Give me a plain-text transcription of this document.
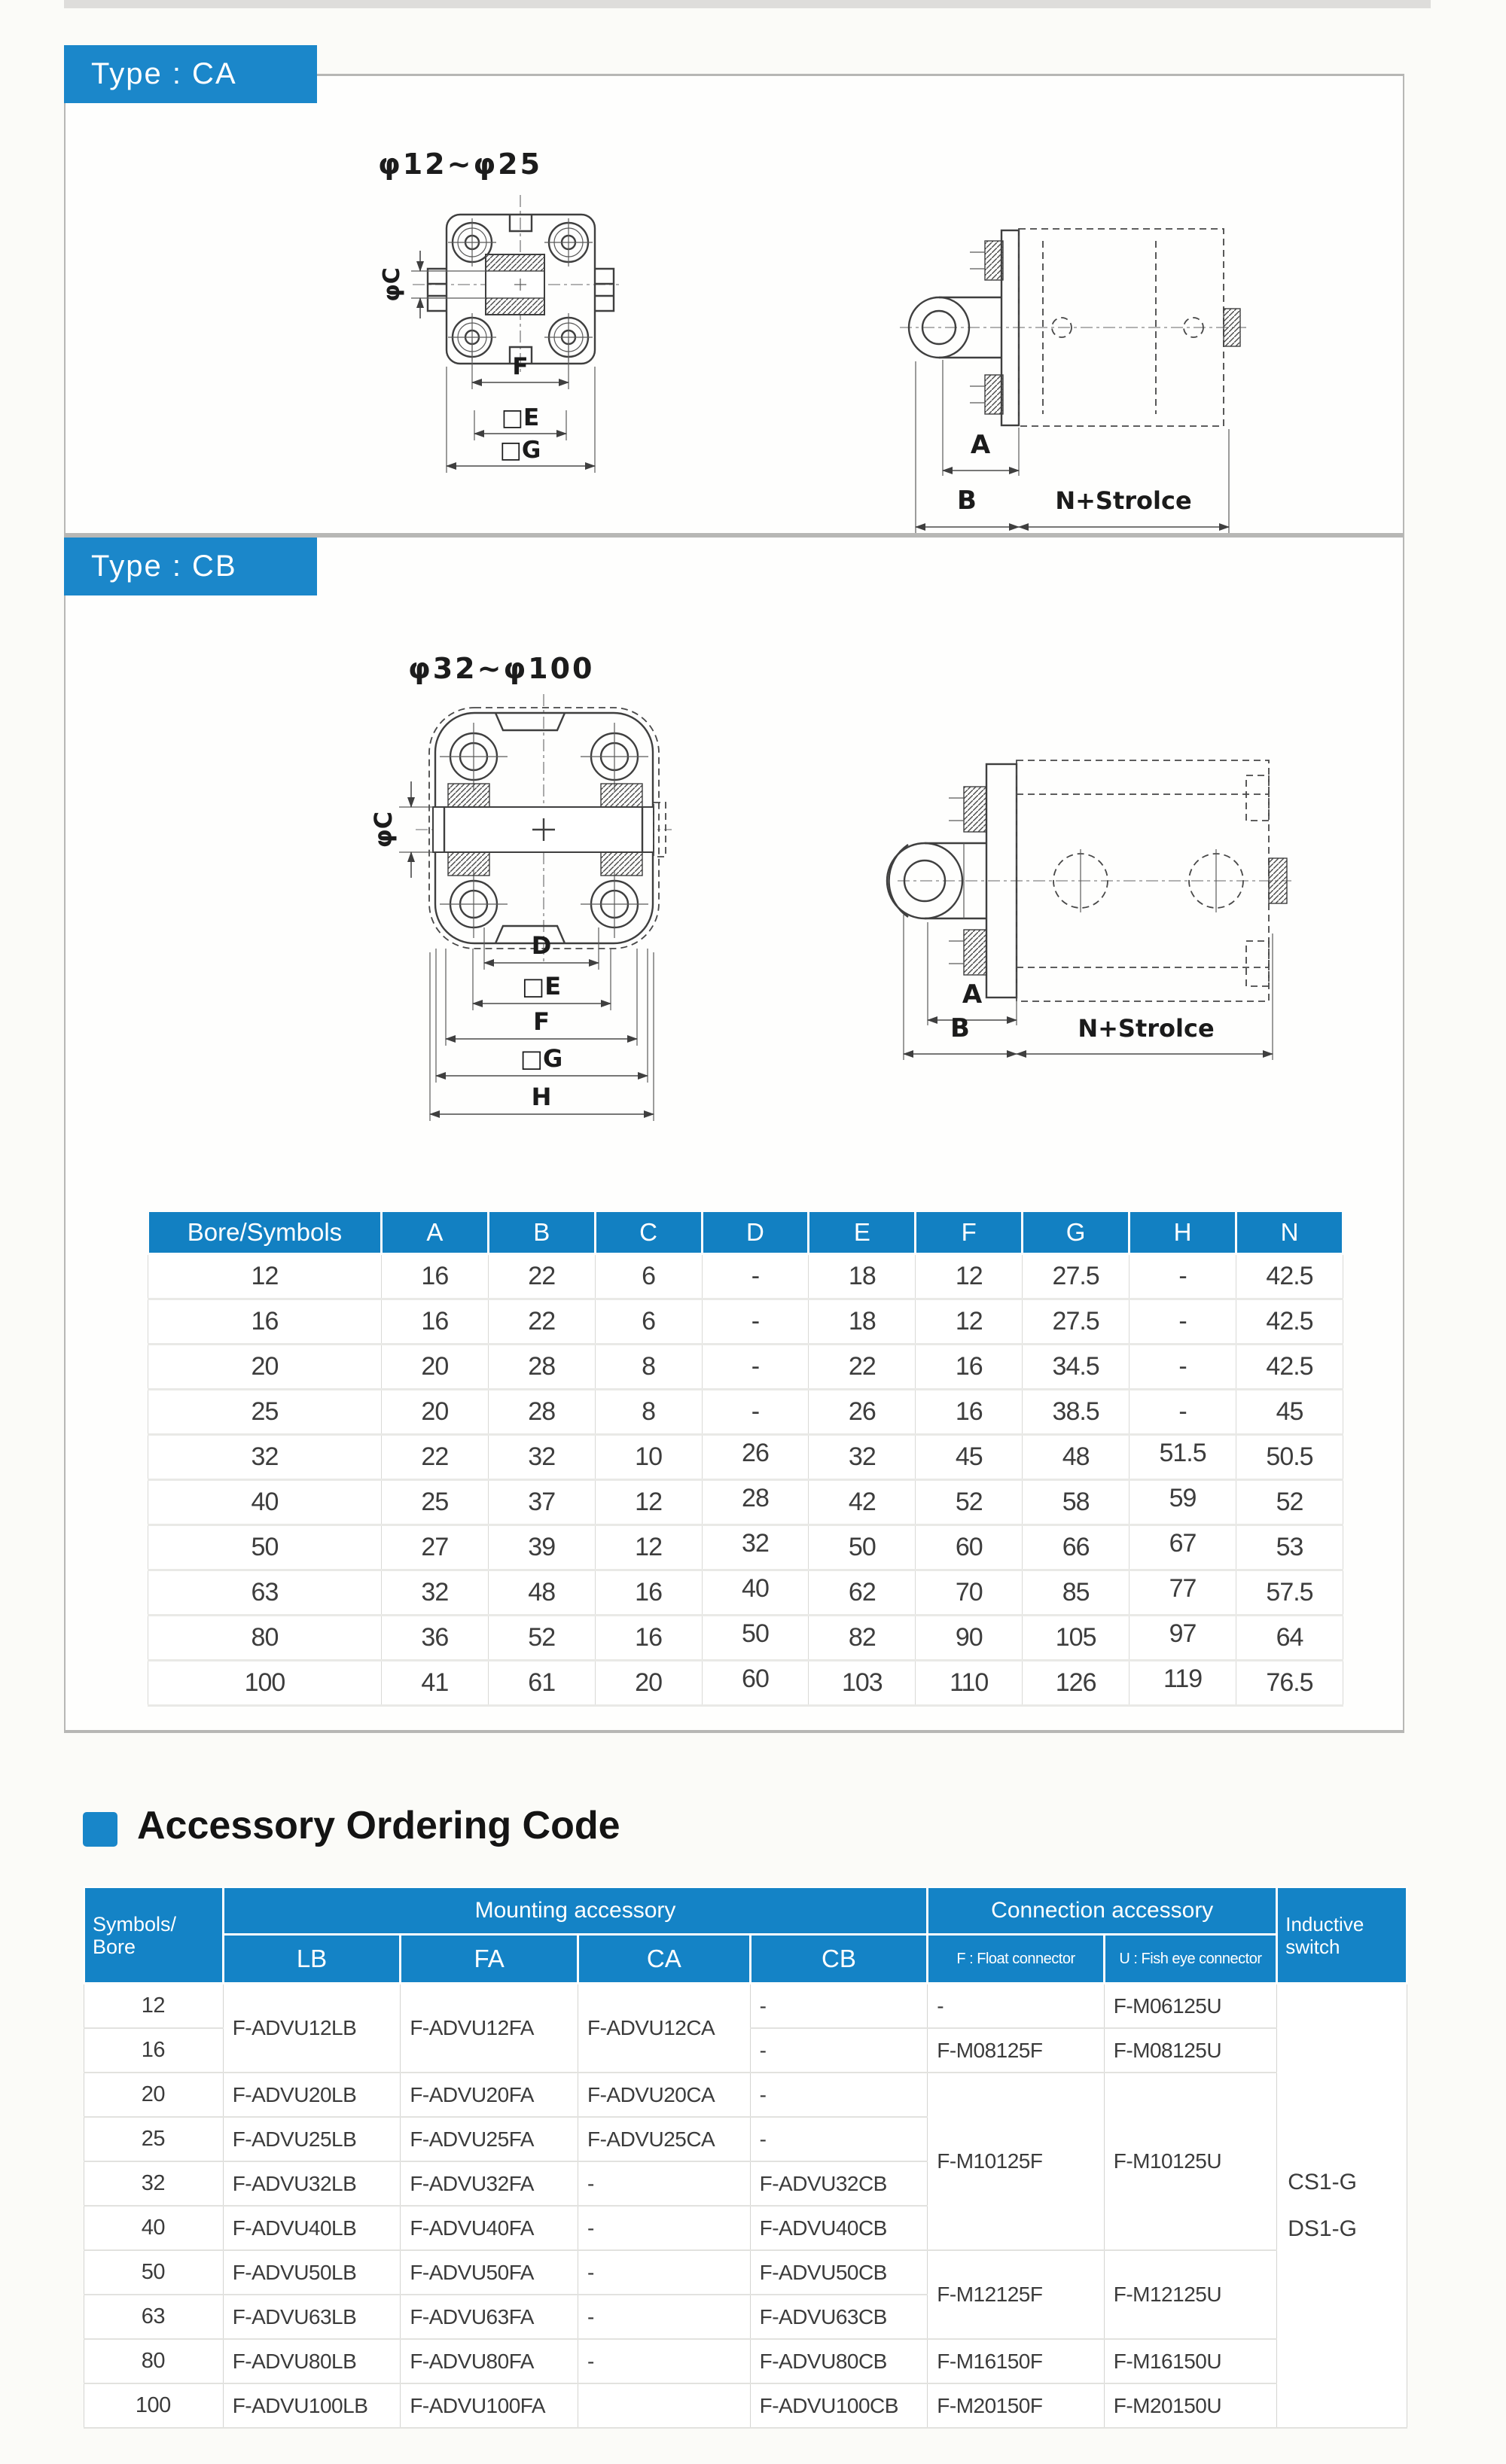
Type : CA
φ12~φ25
φC
F
□E
□G	A
B	N+Strolce
Type : CB
φ32~φ100
φC
D
□E
F
□G
H
A
B	N+Strolce
Bore/Symbols	A	B	C	D	E	F	G	H	N
12	16	22	6	-	18	12	27.5	-	42.5
16	16	22	6	-	18	12	27.5	-	42.5
20	20	28	8	-	22	16	34.5	-	42.5
25	20	28	8	-	26	16	38.5	-	45
32	22	32	10	26	32	45	48	51.5	50.5
40	25	37	12	28	42	52	58	59	52
50	27	39	12	32	50	60	66	67	53
63	32	48	16	40	62	70	85	77	57.5
80	36	52	16	50	82	90	105	97	64
100	41	61	20	60	103	110	126	119	76.5
Accessory Ordering Code
Symbols/
Bore	Mounting accessory				Connection accessory		Inductive
switch
	LB	FA	CA	CB	F : Float connector	U : Fish eye connector	
12	F-ADVU12LB	F-ADVU12FA	F-ADVU12CA	-	-	F-M06125U	CS1-G
DS1-G

16				-	F-M08125F	F-M08125U	
20	F-ADVU20LB	F-ADVU20FA	F-ADVU20CA	-	F-M10125F	F-M10125U	
25	F-ADVU25LB	F-ADVU25FA	F-ADVU25CA	-			
32	F-ADVU32LB	F-ADVU32FA	-	F-ADVU32CB			
40	F-ADVU40LB	F-ADVU40FA	-	F-ADVU40CB			
50	F-ADVU50LB	F-ADVU50FA	-	F-ADVU50CB	F-M12125F	F-M12125U	
63	F-ADVU63LB	F-ADVU63FA	-	F-ADVU63CB			
80	F-ADVU80LB	F-ADVU80FA	-	F-ADVU80CB	F-M16150F	F-M16150U	
100	F-ADVU100LB	F-ADVU100FA		F-ADVU100CB	F-M20150F	F-M20150U	
